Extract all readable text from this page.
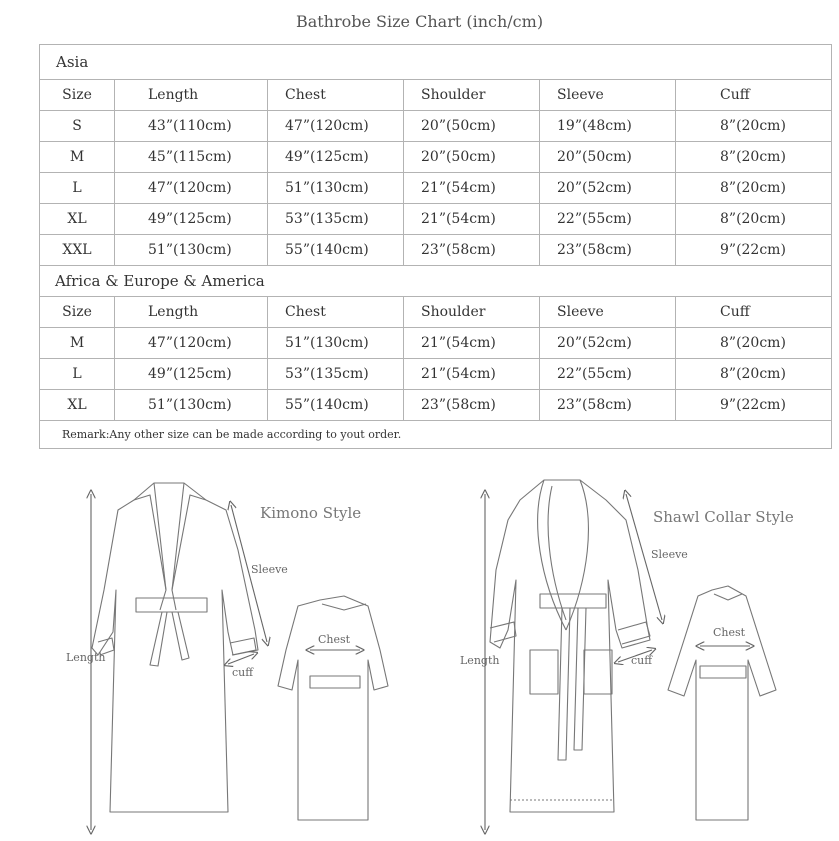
Bathrobe Size Chart (inch/cm)
Asia					
Size	Length	Chest	Shoulder	Sleeve	Cuff
S	43”(110cm)	47”(120cm)	20”(50cm)	19”(48cm)	8”(20cm)
M	45”(115cm)	49”(125cm)	20”(50cm)	20”(50cm)	8”(20cm)
L	47”(120cm)	51”(130cm)	21”(54cm)	20”(52cm)	8”(20cm)
XL	49”(125cm)	53”(135cm)	21”(54cm)	22”(55cm)	8”(20cm)
XXL	51”(130cm)	55”(140cm)	23”(58cm)	23”(58cm)	9”(22cm)
Africa & Europe & America					
Size	Length	Chest	Shoulder	Sleeve	Cuff
M	47”(120cm)	51”(130cm)	21”(54cm)	20”(52cm)	8”(20cm)
L	49”(125cm)	53”(135cm)	21”(54cm)	22”(55cm)	8”(20cm)
XL	51”(130cm)	55”(140cm)	23”(58cm)	23”(58cm)	9”(22cm)
Remark:Any other size can be made according to yout order.					
Kimono Style
Length
Sleeve
cuff
Chest
Shawl Collar Style
Length
Sleeve
cuff
Chest
